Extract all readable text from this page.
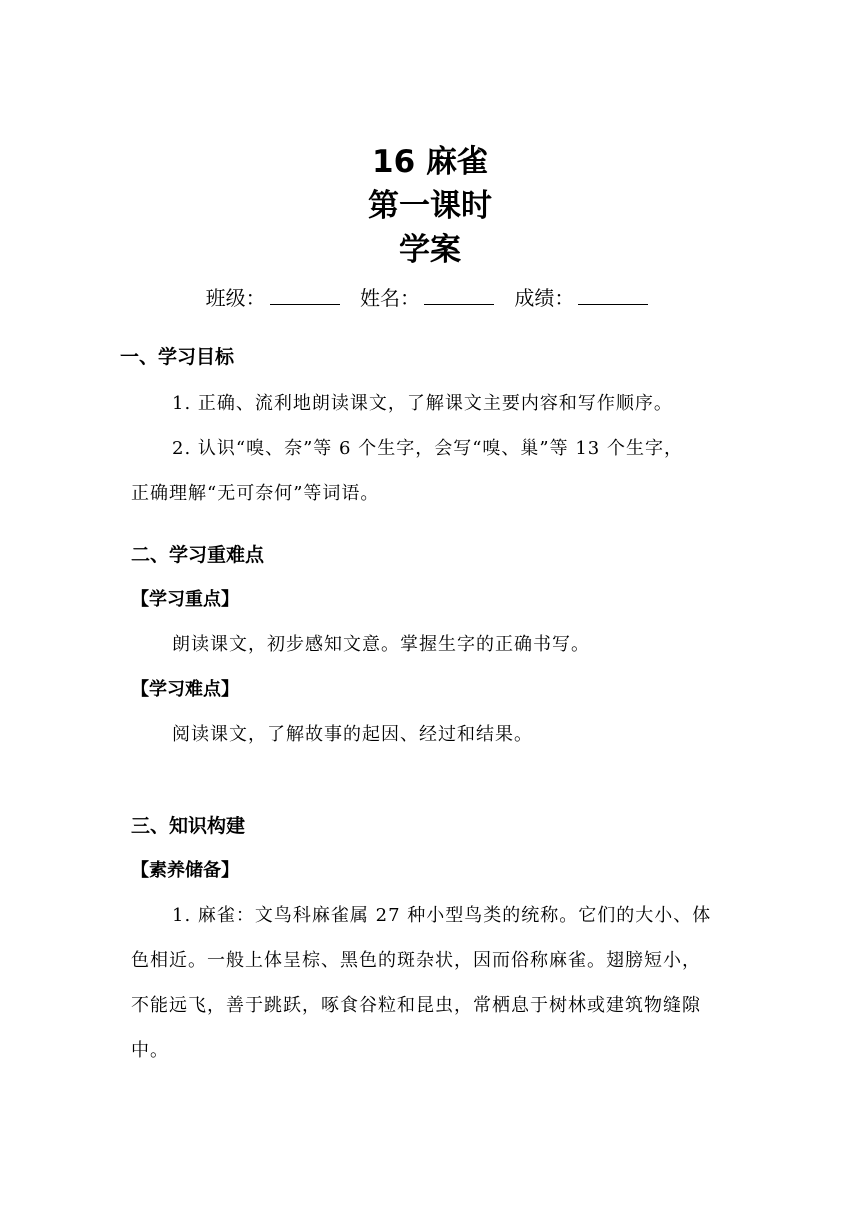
16 麻雀
第一课时
学案
班级：	姓名：	成绩：
一、学习目标
1. 正确、流利地朗读课文，了解课文主要内容和写作顺序。
2. 认识“嗅、奈”等 6 个生字，会写“嗅、巢”等 13 个生字，
正确理解“无可奈何”等词语。
二、学习重难点
【学习重点】
朗读课文，初步感知文意。掌握生字的正确书写。
【学习难点】
阅读课文，了解故事的起因、经过和结果。
三、知识构建
【素养储备】
1. 麻雀：文鸟科麻雀属 27 种小型鸟类的统称。它们的大小、体
色相近。一般上体呈棕、黑色的斑杂状，因而俗称麻雀。翅膀短小，
不能远飞，善于跳跃，啄食谷粒和昆虫，常栖息于树林或建筑物缝隙
中。
